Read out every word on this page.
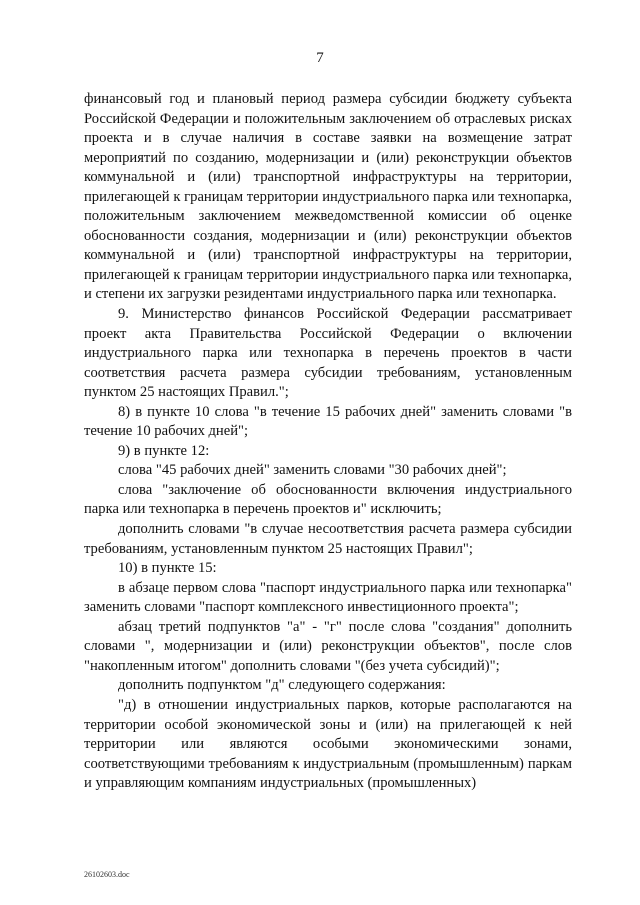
7

финансовый год и плановый период размера субсидии бюджету субъекта Российской Федерации и положительным заключением об отраслевых рисках проекта и в случае наличия в составе заявки на возмещение затрат мероприятий по созданию, модернизации и (или) реконструкции объектов коммунальной и (или) транспортной инфраструктуры на территории, прилегающей к границам территории индустриального парка или технопарка, положительным заключением межведомственной комиссии об оценке обоснованности создания, модернизации и (или) реконструкции объектов коммунальной и (или) транспортной инфраструктуры на территории, прилегающей к границам территории индустриального парка или технопарка, и степени их загрузки резидентами индустриального парка или технопарка.

9. Министерство финансов Российской Федерации рассматривает проект акта Правительства Российской Федерации о включении индустриального парка или технопарка в перечень проектов в части соответствия расчета размера субсидии требованиям, установленным пунктом 25 настоящих Правил.";

8) в пункте 10 слова "в течение 15 рабочих дней" заменить словами "в течение 10 рабочих дней";

9) в пункте 12:

слова "45 рабочих дней" заменить словами "30 рабочих дней";

слова "заключение об обоснованности включения индустриального парка или технопарка в перечень проектов и" исключить;

дополнить словами "в случае несоответствия расчета размера субсидии требованиям, установленным пунктом 25 настоящих Правил";

10) в пункте 15:

в абзаце первом слова "паспорт индустриального парка или технопарка" заменить словами "паспорт комплексного инвестиционного проекта";

абзац третий подпунктов "а" - "г" после слова "создания" дополнить словами ", модернизации и (или) реконструкции объектов", после слов "накопленным итогом" дополнить словами "(без учета субсидий)";

дополнить подпунктом "д" следующего содержания:

"д) в отношении индустриальных парков, которые располагаются на территории особой экономической зоны и (или) на прилегающей к ней территории или являются особыми экономическими зонами, соответствующими требованиям к индустриальным (промышленным) паркам и управляющим компаниям индустриальных (промышленных)

26102603.doc
